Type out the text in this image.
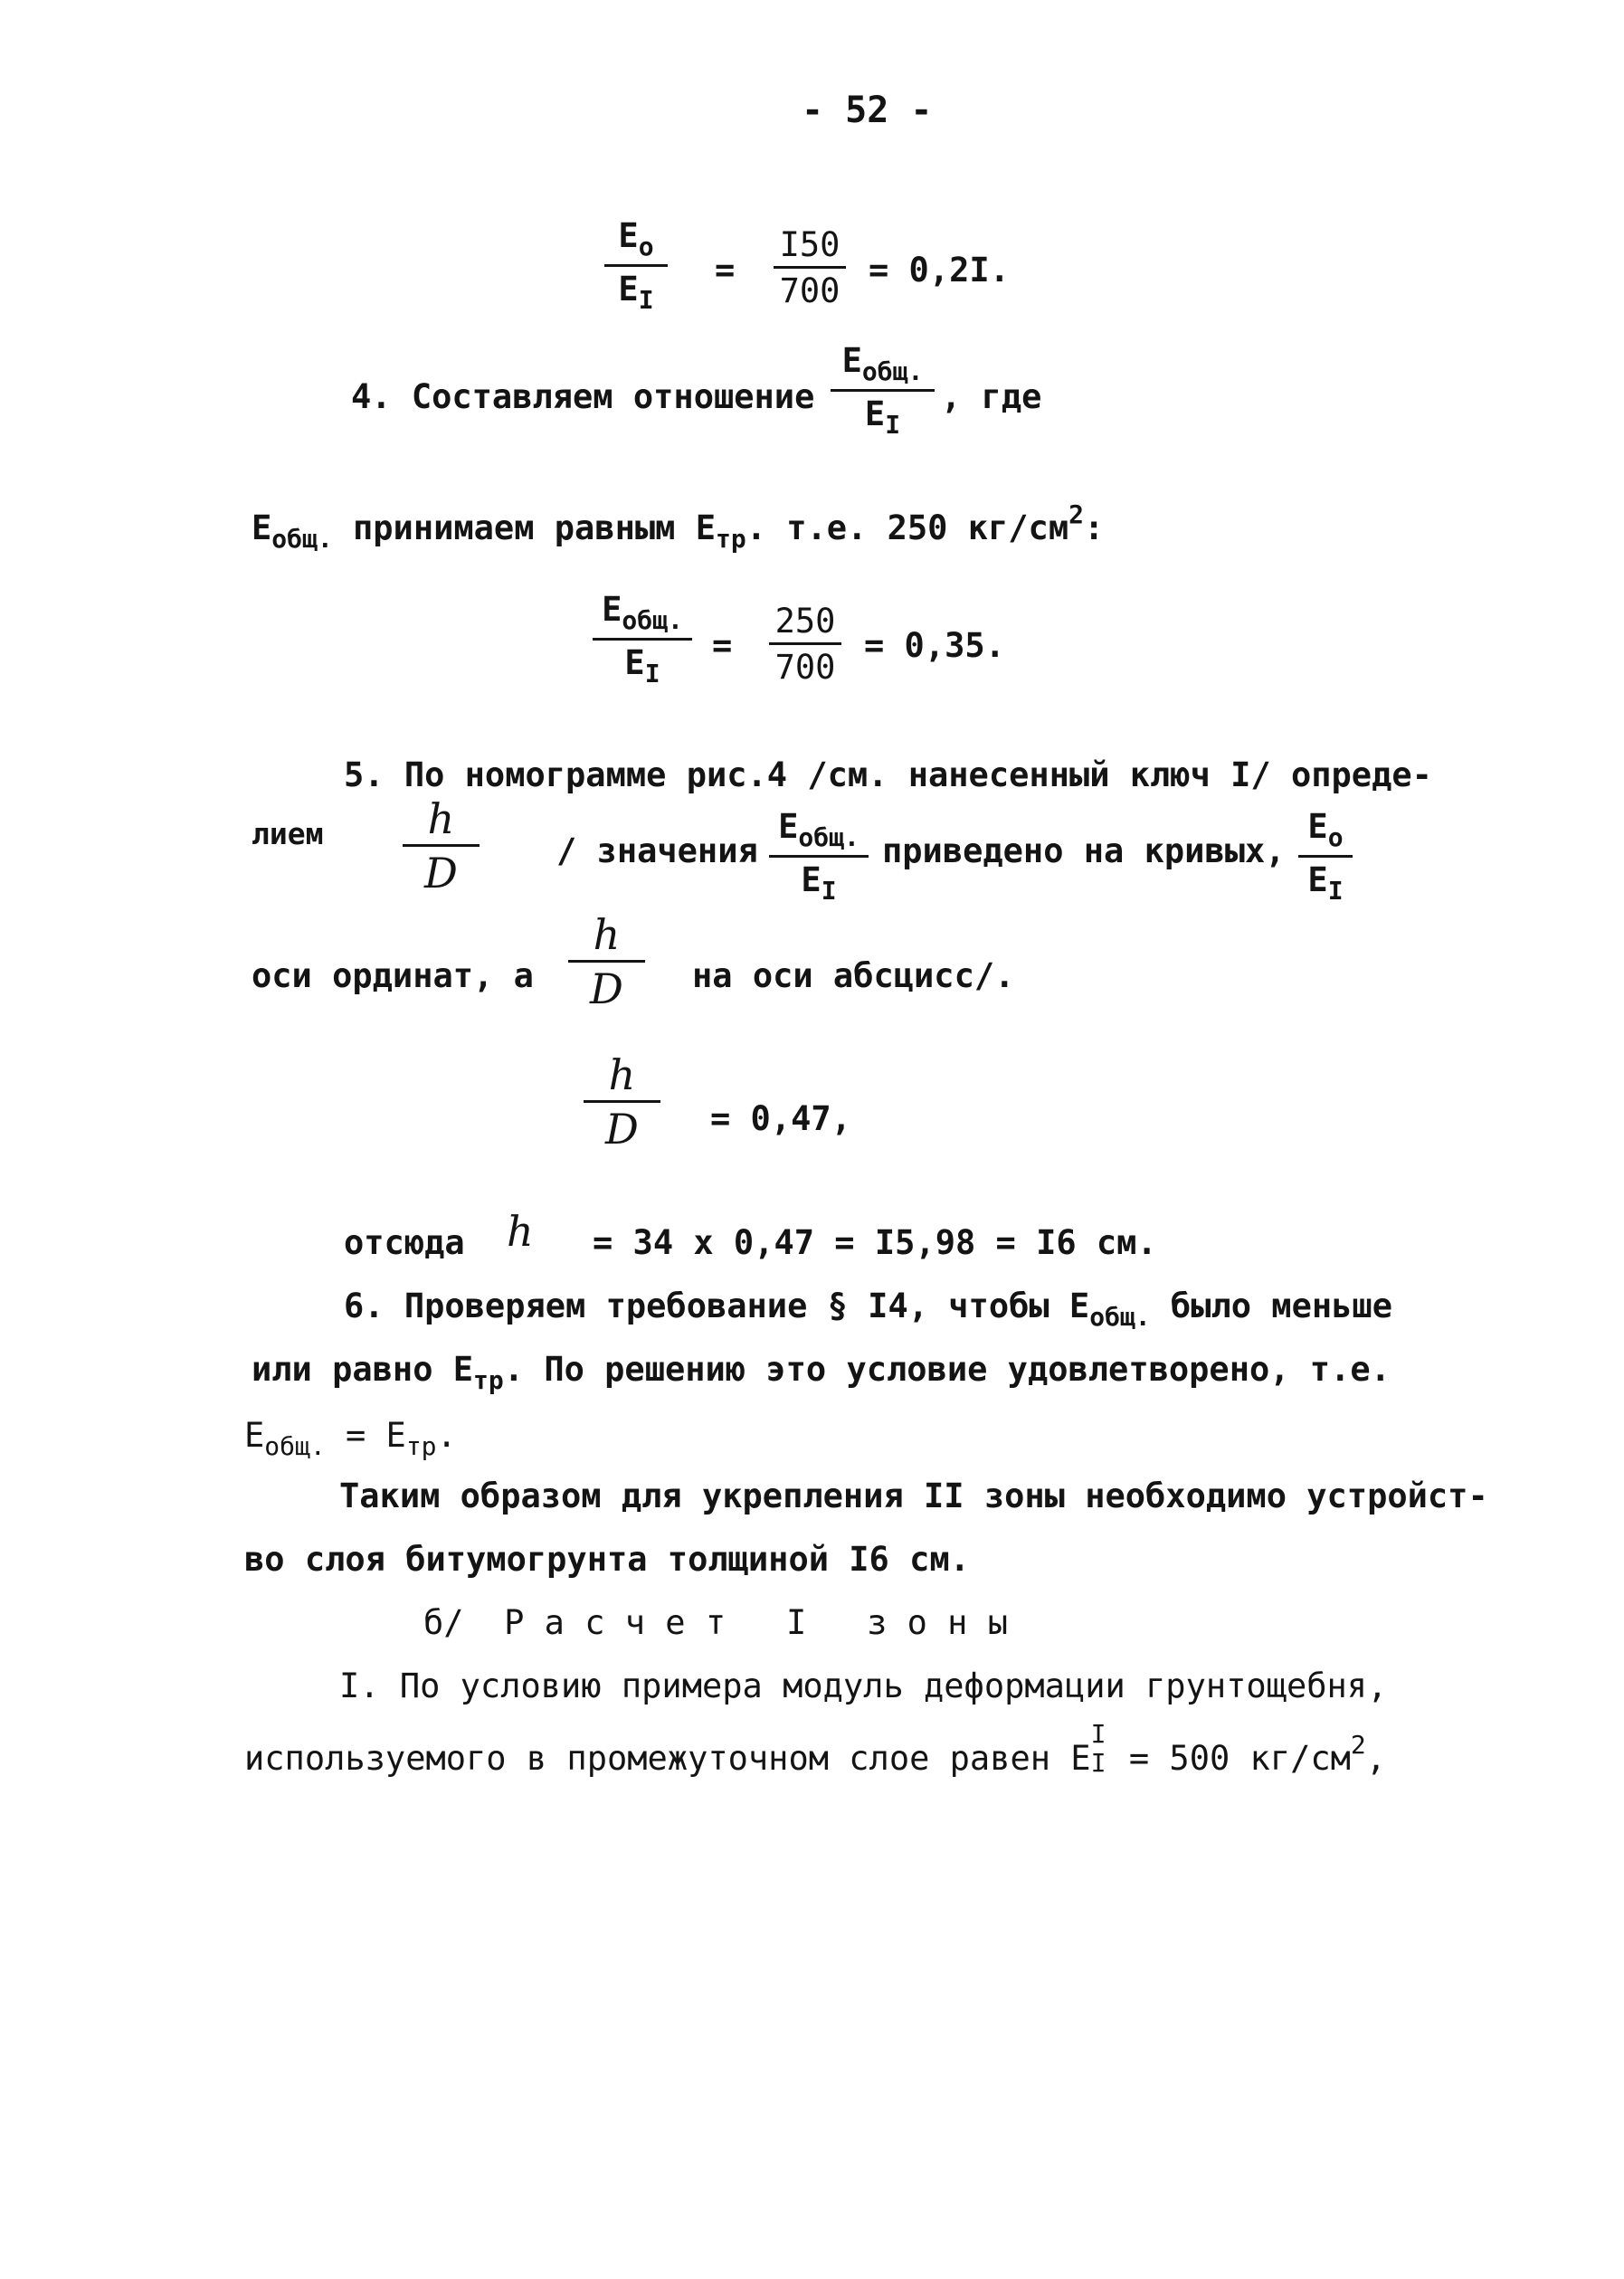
- 52 -
$E_o$
$E_I$
=
I50
700
= 0,2I.
4. Составляем отношение
$E_{общ.}$
$E_I$
, где
$E_{общ.}$ принимаем равным $E_{тр}$. т.е. 250 $кг/см^2$:
$E_{общ.}$
$E_I$
=
250
700
= 0,35.
5. По номограмме рис.4 /см. нанесенный ключ I/ опреде-
лием	h
D	/ значения
$E_{общ.}$
$E_I$
приведено на кривых,
$E_o$
$E_I$
оси ординат, а
h
D	на оси абсцисс/.
h
D	= 0,47,
отсюда h = 34 х 0,47 = I5,98 = I6 см.
6. Проверяем требование § I4, чтобы $E_{общ.}$ было меньше
или равно $E_{тр}$. По решению это условие удовлетворено, т.е.
$E_{общ.} = E_{тр}$.
Таким образом для укрепления II зоны необходимо устройст-
во слоя битумогрунта толщиной I6 см.
б/  Р а с ч е т   I   з о н ы
I. По условию примера модуль деформации грунтощебня,
используемого в промежуточном слое равен E
I
I = 500 $кг/см^2$,
